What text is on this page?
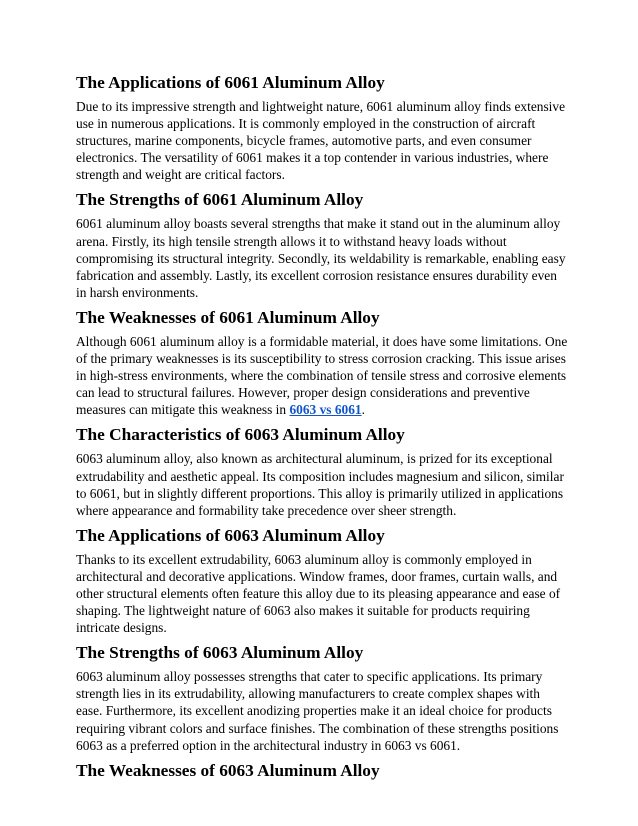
The Applications of 6061 Aluminum Alloy

Due to its impressive strength and lightweight nature, 6061 aluminum alloy finds extensive use in numerous applications. It is commonly employed in the construction of aircraft structures, marine components, bicycle frames, automotive parts, and even consumer electronics. The versatility of 6061 makes it a top contender in various industries, where strength and weight are critical factors.

The Strengths of 6061 Aluminum Alloy

6061 aluminum alloy boasts several strengths that make it stand out in the aluminum alloy arena. Firstly, its high tensile strength allows it to withstand heavy loads without compromising its structural integrity. Secondly, its weldability is remarkable, enabling easy fabrication and assembly. Lastly, its excellent corrosion resistance ensures durability even in harsh environments.

The Weaknesses of 6061 Aluminum Alloy

Although 6061 aluminum alloy is a formidable material, it does have some limitations. One of the primary weaknesses is its susceptibility to stress corrosion cracking. This issue arises in high-stress environments, where the combination of tensile stress and corrosive elements can lead to structural failures. However, proper design considerations and preventive measures can mitigate this weakness in 6063 vs 6061.

The Characteristics of 6063 Aluminum Alloy

6063 aluminum alloy, also known as architectural aluminum, is prized for its exceptional extrudability and aesthetic appeal. Its composition includes magnesium and silicon, similar to 6061, but in slightly different proportions. This alloy is primarily utilized in applications where appearance and formability take precedence over sheer strength.

The Applications of 6063 Aluminum Alloy

Thanks to its excellent extrudability, 6063 aluminum alloy is commonly employed in architectural and decorative applications. Window frames, door frames, curtain walls, and other structural elements often feature this alloy due to its pleasing appearance and ease of shaping. The lightweight nature of 6063 also makes it suitable for products requiring intricate designs.

The Strengths of 6063 Aluminum Alloy

6063 aluminum alloy possesses strengths that cater to specific applications. Its primary strength lies in its extrudability, allowing manufacturers to create complex shapes with ease. Furthermore, its excellent anodizing properties make it an ideal choice for products requiring vibrant colors and surface finishes. The combination of these strengths positions 6063 as a preferred option in the architectural industry in 6063 vs 6061.

The Weaknesses of 6063 Aluminum Alloy
